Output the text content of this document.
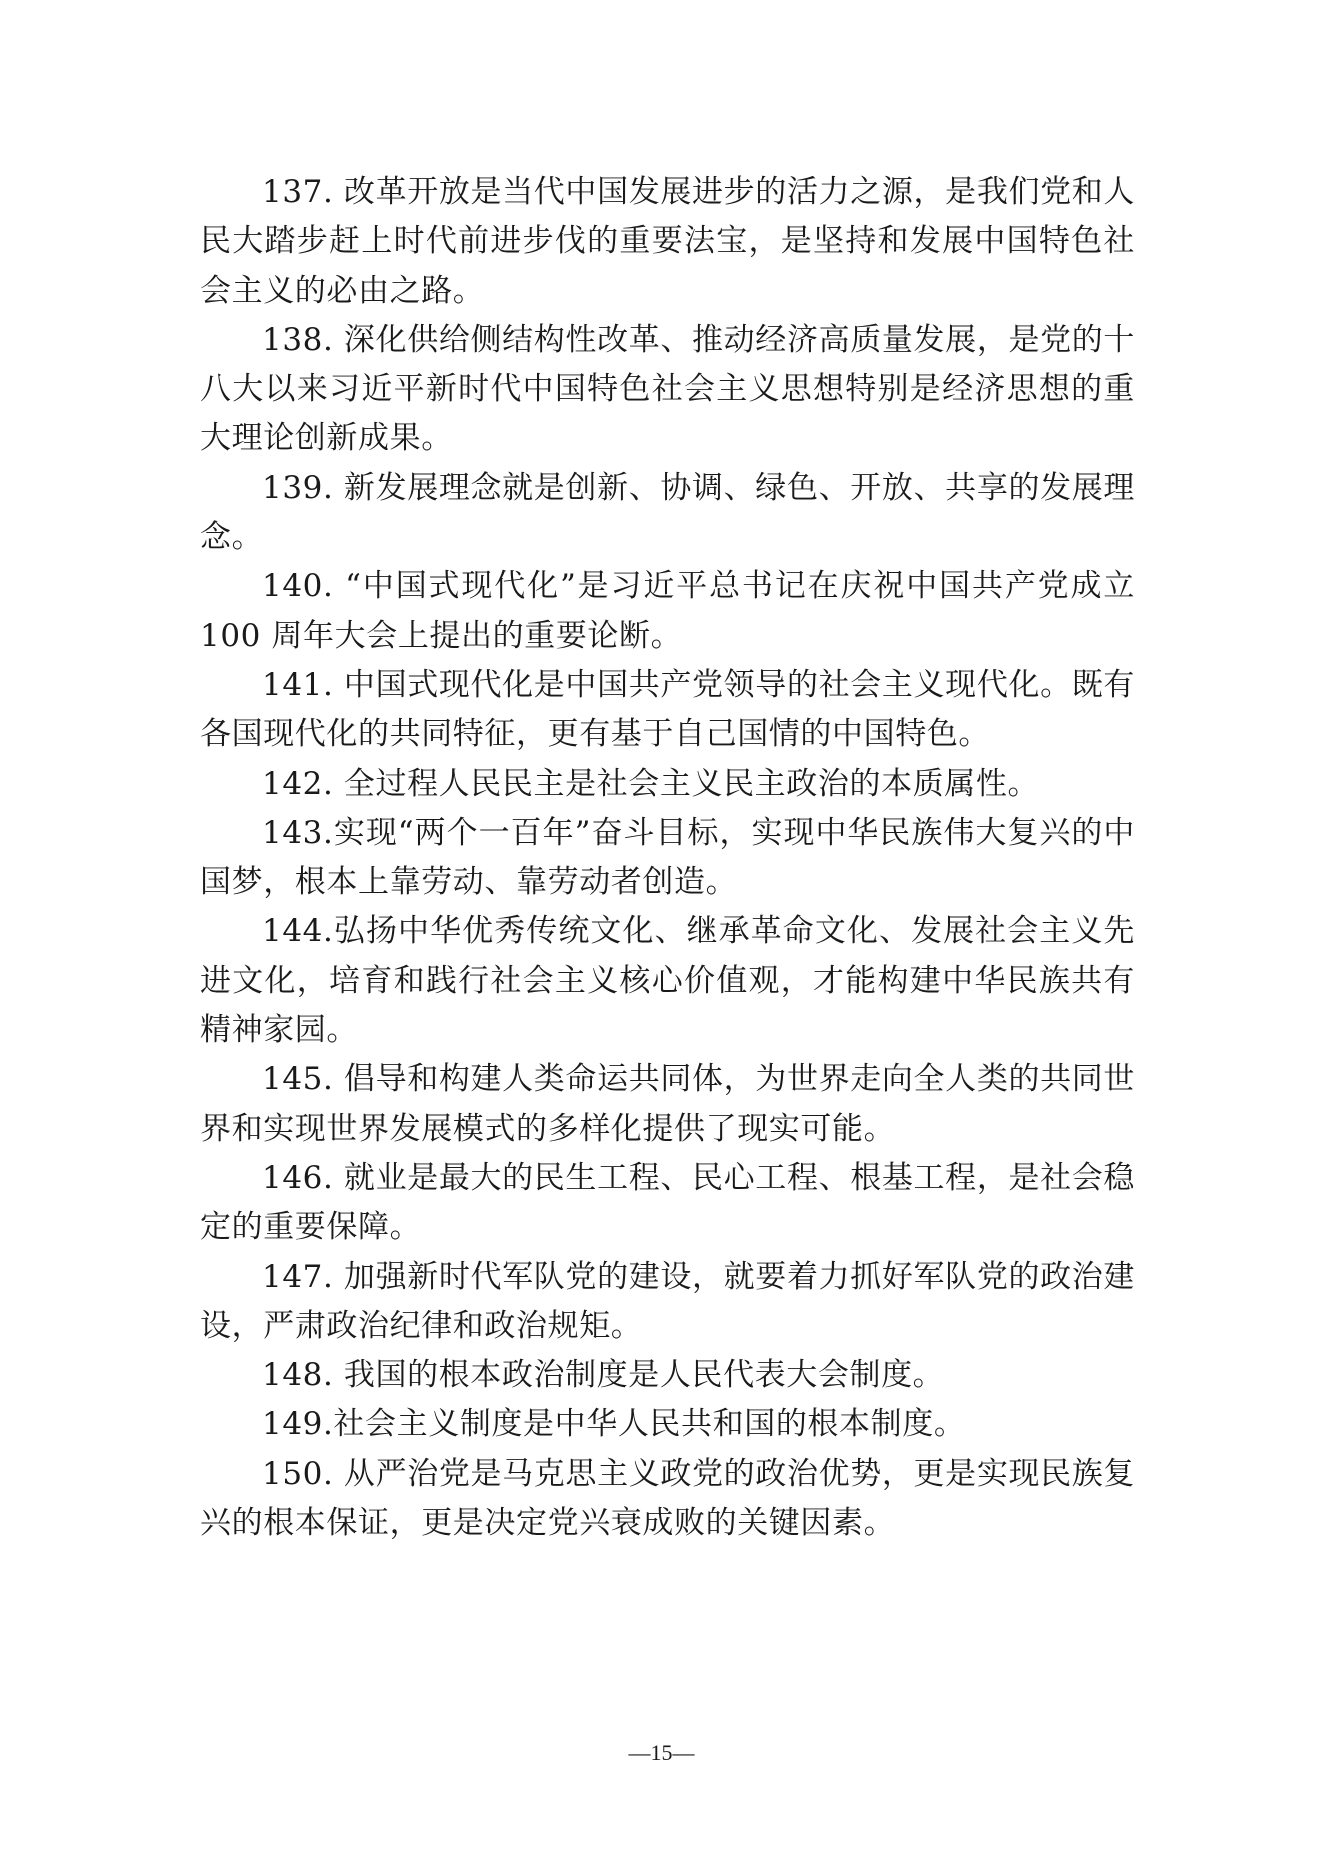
137. 改革开放是当代中国发展进步的活力之源，是我们党和人民大踏步赶上时代前进步伐的重要法宝，是坚持和发展中国特色社会主义的必由之路。

138. 深化供给侧结构性改革、推动经济高质量发展，是党的十八大以来习近平新时代中国特色社会主义思想特别是经济思想的重大理论创新成果。

139. 新发展理念就是创新、协调、绿色、开放、共享的发展理念。

140. “中国式现代化”是习近平总书记在庆祝中国共产党成立100 周年大会上提出的重要论断。

141. 中国式现代化是中国共产党领导的社会主义现代化。既有各国现代化的共同特征，更有基于自己国情的中国特色。

142. 全过程人民民主是社会主义民主政治的本质属性。

143.实现“两个一百年”奋斗目标，实现中华民族伟大复兴的中国梦，根本上靠劳动、靠劳动者创造。

144.弘扬中华优秀传统文化、继承革命文化、发展社会主义先进文化，培育和践行社会主义核心价值观，才能构建中华民族共有精神家园。

145. 倡导和构建人类命运共同体，为世界走向全人类的共同世界和实现世界发展模式的多样化提供了现实可能。

146. 就业是最大的民生工程、民心工程、根基工程，是社会稳定的重要保障。

147. 加强新时代军队党的建设，就要着力抓好军队党的政治建设，严肃政治纪律和政治规矩。

148. 我国的根本政治制度是人民代表大会制度。

149.社会主义制度是中华人民共和国的根本制度。

150. 从严治党是马克思主义政党的政治优势，更是实现民族复兴的根本保证，更是决定党兴衰成败的关键因素。

—15—
